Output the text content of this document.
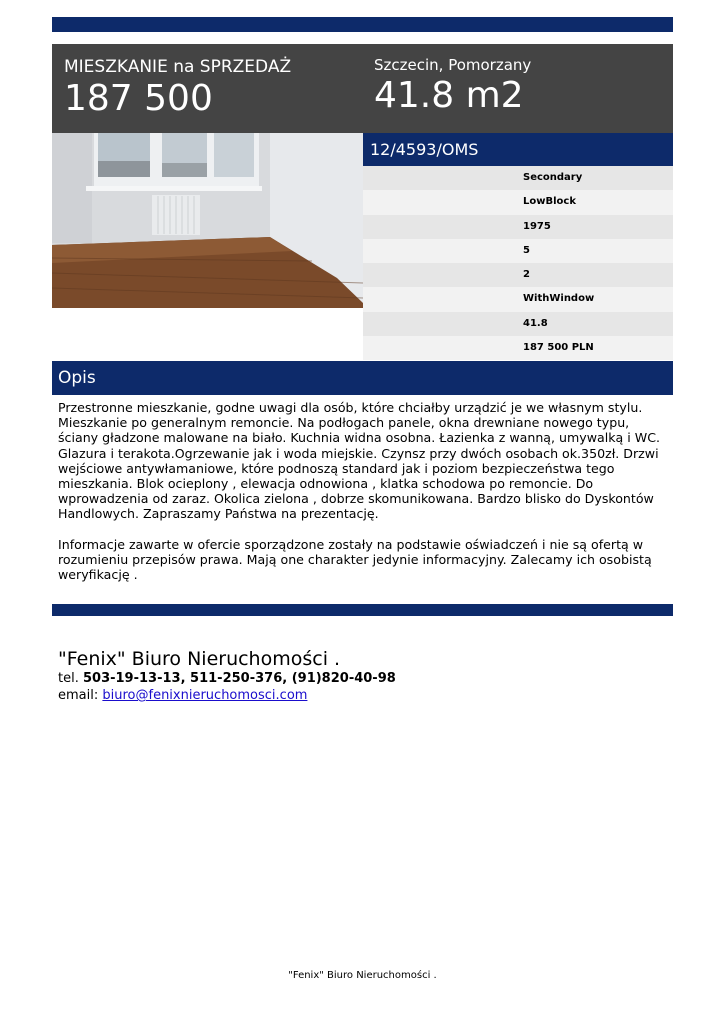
MIESZKANIE na SPRZEDAŻ
187 500
Szczecin, Pomorzany
41.8 m2
12/4593/OMS
Secondary
LowBlock
1975
5
2
WithWindow
41.8
187 500 PLN
Opis

Przestronne mieszkanie, godne uwagi dla osób, które chciałby urządzić je we własnym stylu. Mieszkanie po generalnym remoncie. Na podłogach panele, okna drewniane nowego typu, ściany gładzone malowane na biało. Kuchnia widna osobna. Łazienka z wanną, umywalką i WC. Glazura i terakota.Ogrzewanie jak i woda miejskie. Czynsz przy dwóch osobach ok.350zł. Drzwi wejściowe antywłamaniowe, które podnoszą standard jak i poziom bezpieczeństwa tego mieszkania. Blok ocieplony , elewacja odnowiona , klatka schodowa po remoncie. Do wprowadzenia od zaraz. Okolica zielona , dobrze skomunikowana. Bardzo blisko do Dyskontów Handlowych. Zapraszamy Państwa na prezentację.

Informacje zawarte w ofercie sporządzone zostały na podstawie oświadczeń i nie są ofertą w rozumieniu przepisów prawa. Mają one charakter jedynie informacyjny. Zalecamy ich osobistą weryfikację .

"Fenix" Biuro Nieruchomości .
tel. 503-19-13-13, 511-250-376, (91)820-40-98
email: biuro@fenixnieruchomosci.com
"Fenix" Biuro Nieruchomości .
